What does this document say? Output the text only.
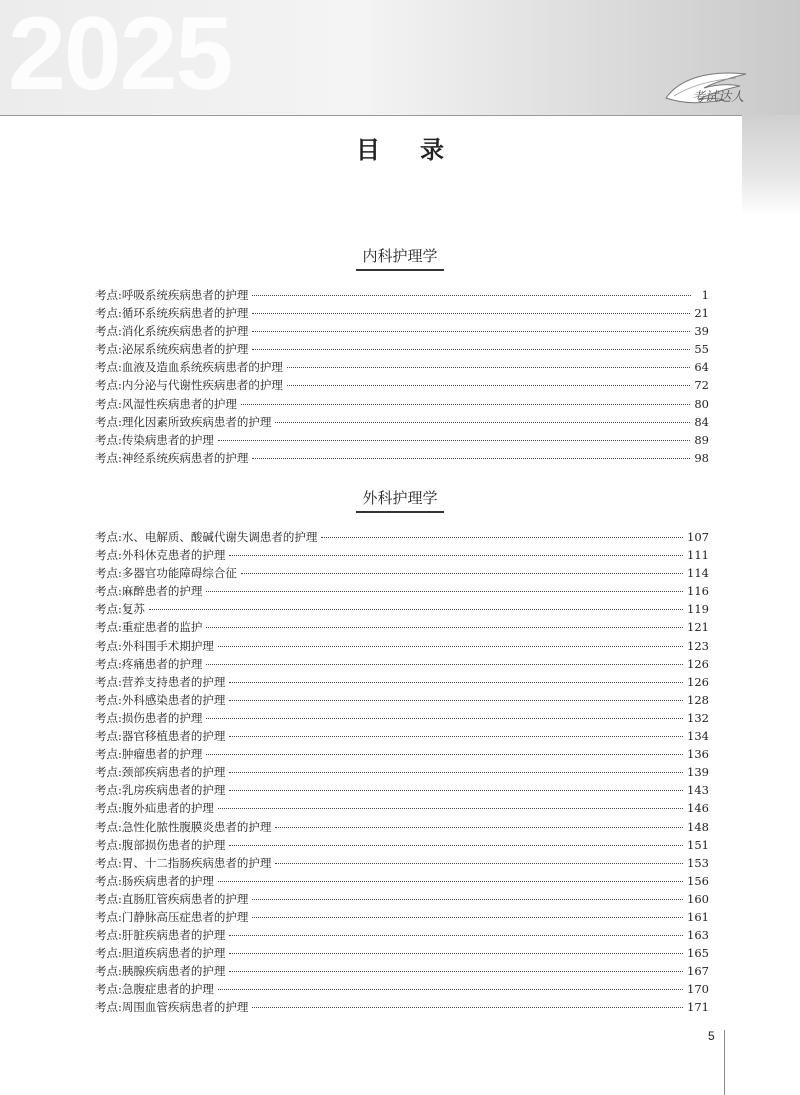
2025	考试达人
目录
内科护理学
考点:呼吸系统疾病患者的护理	1
考点:循环系统疾病患者的护理	21
考点:消化系统疾病患者的护理	39
考点:泌尿系统疾病患者的护理	55
考点:血液及造血系统疾病患者的护理	64
考点:内分泌与代谢性疾病患者的护理	72
考点:风湿性疾病患者的护理	80
考点:理化因素所致疾病患者的护理	84
考点:传染病患者的护理	89
考点:神经系统疾病患者的护理	98
外科护理学
考点:水、电解质、酸碱代谢失调患者的护理	107
考点:外科休克患者的护理	111
考点:多器官功能障碍综合征	114
考点:麻醉患者的护理	116
考点:复苏	119
考点:重症患者的监护	121
考点:外科围手术期护理	123
考点:疼痛患者的护理	126
考点:营养支持患者的护理	126
考点:外科感染患者的护理	128
考点:损伤患者的护理	132
考点:器官移植患者的护理	134
考点:肿瘤患者的护理	136
考点:颈部疾病患者的护理	139
考点:乳房疾病患者的护理	143
考点:腹外疝患者的护理	146
考点:急性化脓性腹膜炎患者的护理	148
考点:腹部损伤患者的护理	151
考点:胃、十二指肠疾病患者的护理	153
考点:肠疾病患者的护理	156
考点:直肠肛管疾病患者的护理	160
考点:门静脉高压症患者的护理	161
考点:肝脏疾病患者的护理	163
考点:胆道疾病患者的护理	165
考点:胰腺疾病患者的护理	167
考点:急腹症患者的护理	170
考点:周围血管疾病患者的护理	171
5
